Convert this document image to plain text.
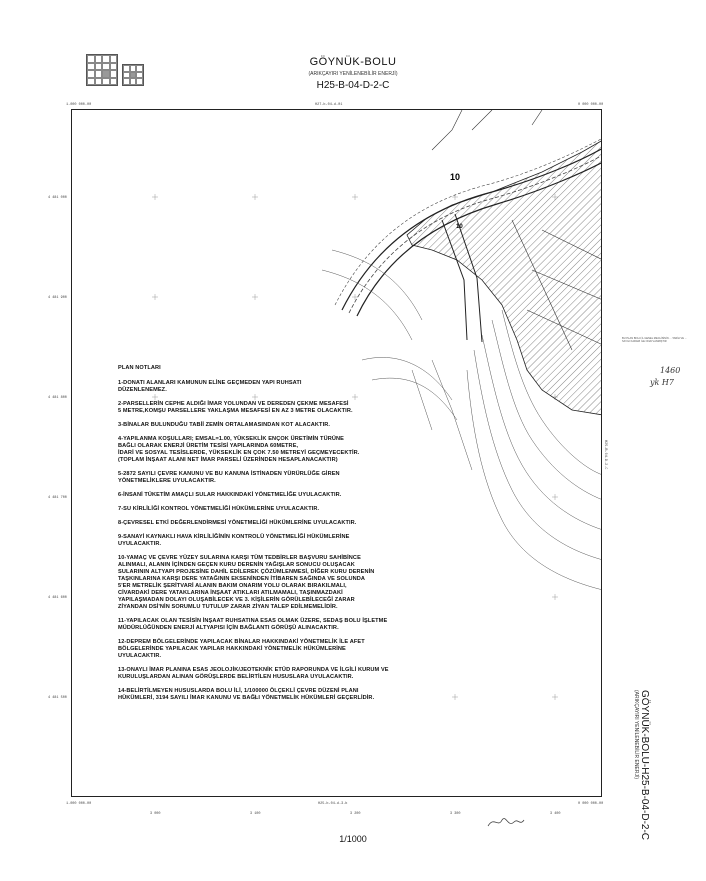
GÖYNÜK-BOLU
(ARIKÇAYIRI YENİLENEBİLİR ENERJİ)
H25-B-04-D-2-C
H27-b-04-d-01
1-000 000-00	0 000 000-00
H25-b-04-d-3-b
1-000 000-00	0 000 000-00
4 481 000
4 481 900
4 481 800
4 481 700
4 481 600
4 481 500
3 000	3 100	3 200	3 300	3 400
H25-B-04-D-2-C
10
10
PLAN NOTLARI
1-DONATI ALANLARI KAMUNUN ELİNE GEÇMEDEN YAPI RUHSATI
DÜZENLENEMEZ.
2-PARSELLERİN CEPHE ALDIĞI İMAR YOLUNDAN VE DEREDEN ÇEKME MESAFESİ
5 METRE,KOMŞU PARSELLERE YAKLAŞMA MESAFESİ EN AZ 3 METRE OLACAKTIR.
3-BİNALAR BULUNDUĞU TABİİ ZEMİN ORTALAMASINDAN KOT ALACAKTIR.
4-YAPILANMA KOŞULLARI; EMSAL=1.00, YÜKSEKLİK ENÇOK ÜRETİMİN TÜRÜNE
BAĞLI OLARAK ENERJİ ÜRETİM TESİSİ YAPILARINDA 60METRE,
İDARİ VE SOSYAL TESİSLERDE, YÜKSEKLİK EN ÇOK 7.50 METREYİ GEÇMEYECEKTİR.
(TOPLAM İNŞAAT ALANI NET İMAR PARSELİ ÜZERİNDEN HESAPLANACAKTIR)
5-2872 SAYILI ÇEVRE KANUNU VE BU KANUNA İSTİNADEN YÜRÜRLÜĞE GİREN
YÖNETMELİKLERE UYULACAKTIR.
6-İNSANİ TÜKETİM AMAÇLI SULAR HAKKINDAKİ YÖNETMELİĞE UYULACAKTIR.
7-SU KİRLİLİĞİ KONTROL YÖNETMELİĞİ HÜKÜMLERİNE UYULACAKTIR.
8-ÇEVRESEL ETKİ DEĞERLENDİRMESİ YÖNETMELİĞİ HÜKÜMLERİNE UYULACAKTIR.
9-SANAYİ KAYNAKLI HAVA KİRLİLİĞİNİN KONTROLÜ YÖNETMELİĞİ HÜKÜMLERİNE
UYULACAKTIR.
10-YAMAÇ VE ÇEVRE YÜZEY SULARINA KARŞI TÜM TEDBİRLER BAŞVURU SAHİBİNCE
ALINMALI, ALANIN İÇİNDEN GEÇEN KURU DERENİN YAĞIŞLAR SONUCU OLUŞACAK
SULARININ ALTYAPI PROJESİNE DAHİL EDİLEREK ÇÖZÜMLENMESİ, DİĞER KURU DERENİN
TAŞKINLARINA KARŞI DERE YATAĞININ EKSENİNDEN İTİBAREN SAĞINDA VE SOLUNDA
5'ER METRELİK ŞERİTVARİ ALANIN BAKIM ONARIM YOLU OLARAK BIRAKILMALI,
CİVARDAKİ DERE YATAKLARINA İNŞAAT ATIKLARI ATILMAMALI, TAŞINMAZDAKİ
YAPILAŞMADAN DOLAYI OLUŞABİLECEK VE 3. KİŞİLERİN GÖRÜLEBİLECEĞİ ZARAR
ZİYANDAN DSİ'NİN SORUMLU TUTULUP ZARAR ZİYAN TALEP EDİLMEMELİDİR.
11-YAPILACAK OLAN TESİSİN İNŞAAT RUHSATINA ESAS OLMAK ÜZERE, SEDAŞ BOLU İŞLETME
MÜDÜRLÜĞÜNDEN ENERJİ ALTYAPISI İÇİN BAĞLANTI GÖRÜŞÜ ALINACAKTIR.
12-DEPREM BÖLGELERİNDE YAPILACAK BİNALAR HAKKINDAKİ YÖNETMELİK İLE AFET
BÖLGELERİNDE YAPILACAK YAPILAR HAKKINDAKİ YÖNETMELİK HÜKÜMLERİNE
UYULACAKTIR.
13-ONAYLI İMAR PLANINA ESAS JEOLOJİK/JEOTEKNİK ETÜD RAPORUNDA VE İLGİLİ KURUM VE
KURULUŞLARDAN ALINAN GÖRÜŞLERDE BELİRTİLEN HUSUSLARA UYULACAKTIR.
14-BELİRTİLMEYEN HUSUSLARDA BOLU İLİ, 1/100000 ÖLÇEKLİ ÇEVRE DÜZENİ PLANI
HÜKÜMLERİ, 3194 SAYILI İMAR KANUNU VE BAĞLI YÖNETMELİK HÜKÜMLERİ GEÇERLİDİR.
BU PLAN BOLU İL GENEL MECLİSİNİN ... TARİH VE ... SAYILI KARARI İLE ONAYLANMIŞTIR
1460
yk H7
GÖYNÜK-BOLU-H25-B-04-D-2-C
(ARIKÇAYIRI YENİLENEBİLİR ENERJİ)
1/1000
